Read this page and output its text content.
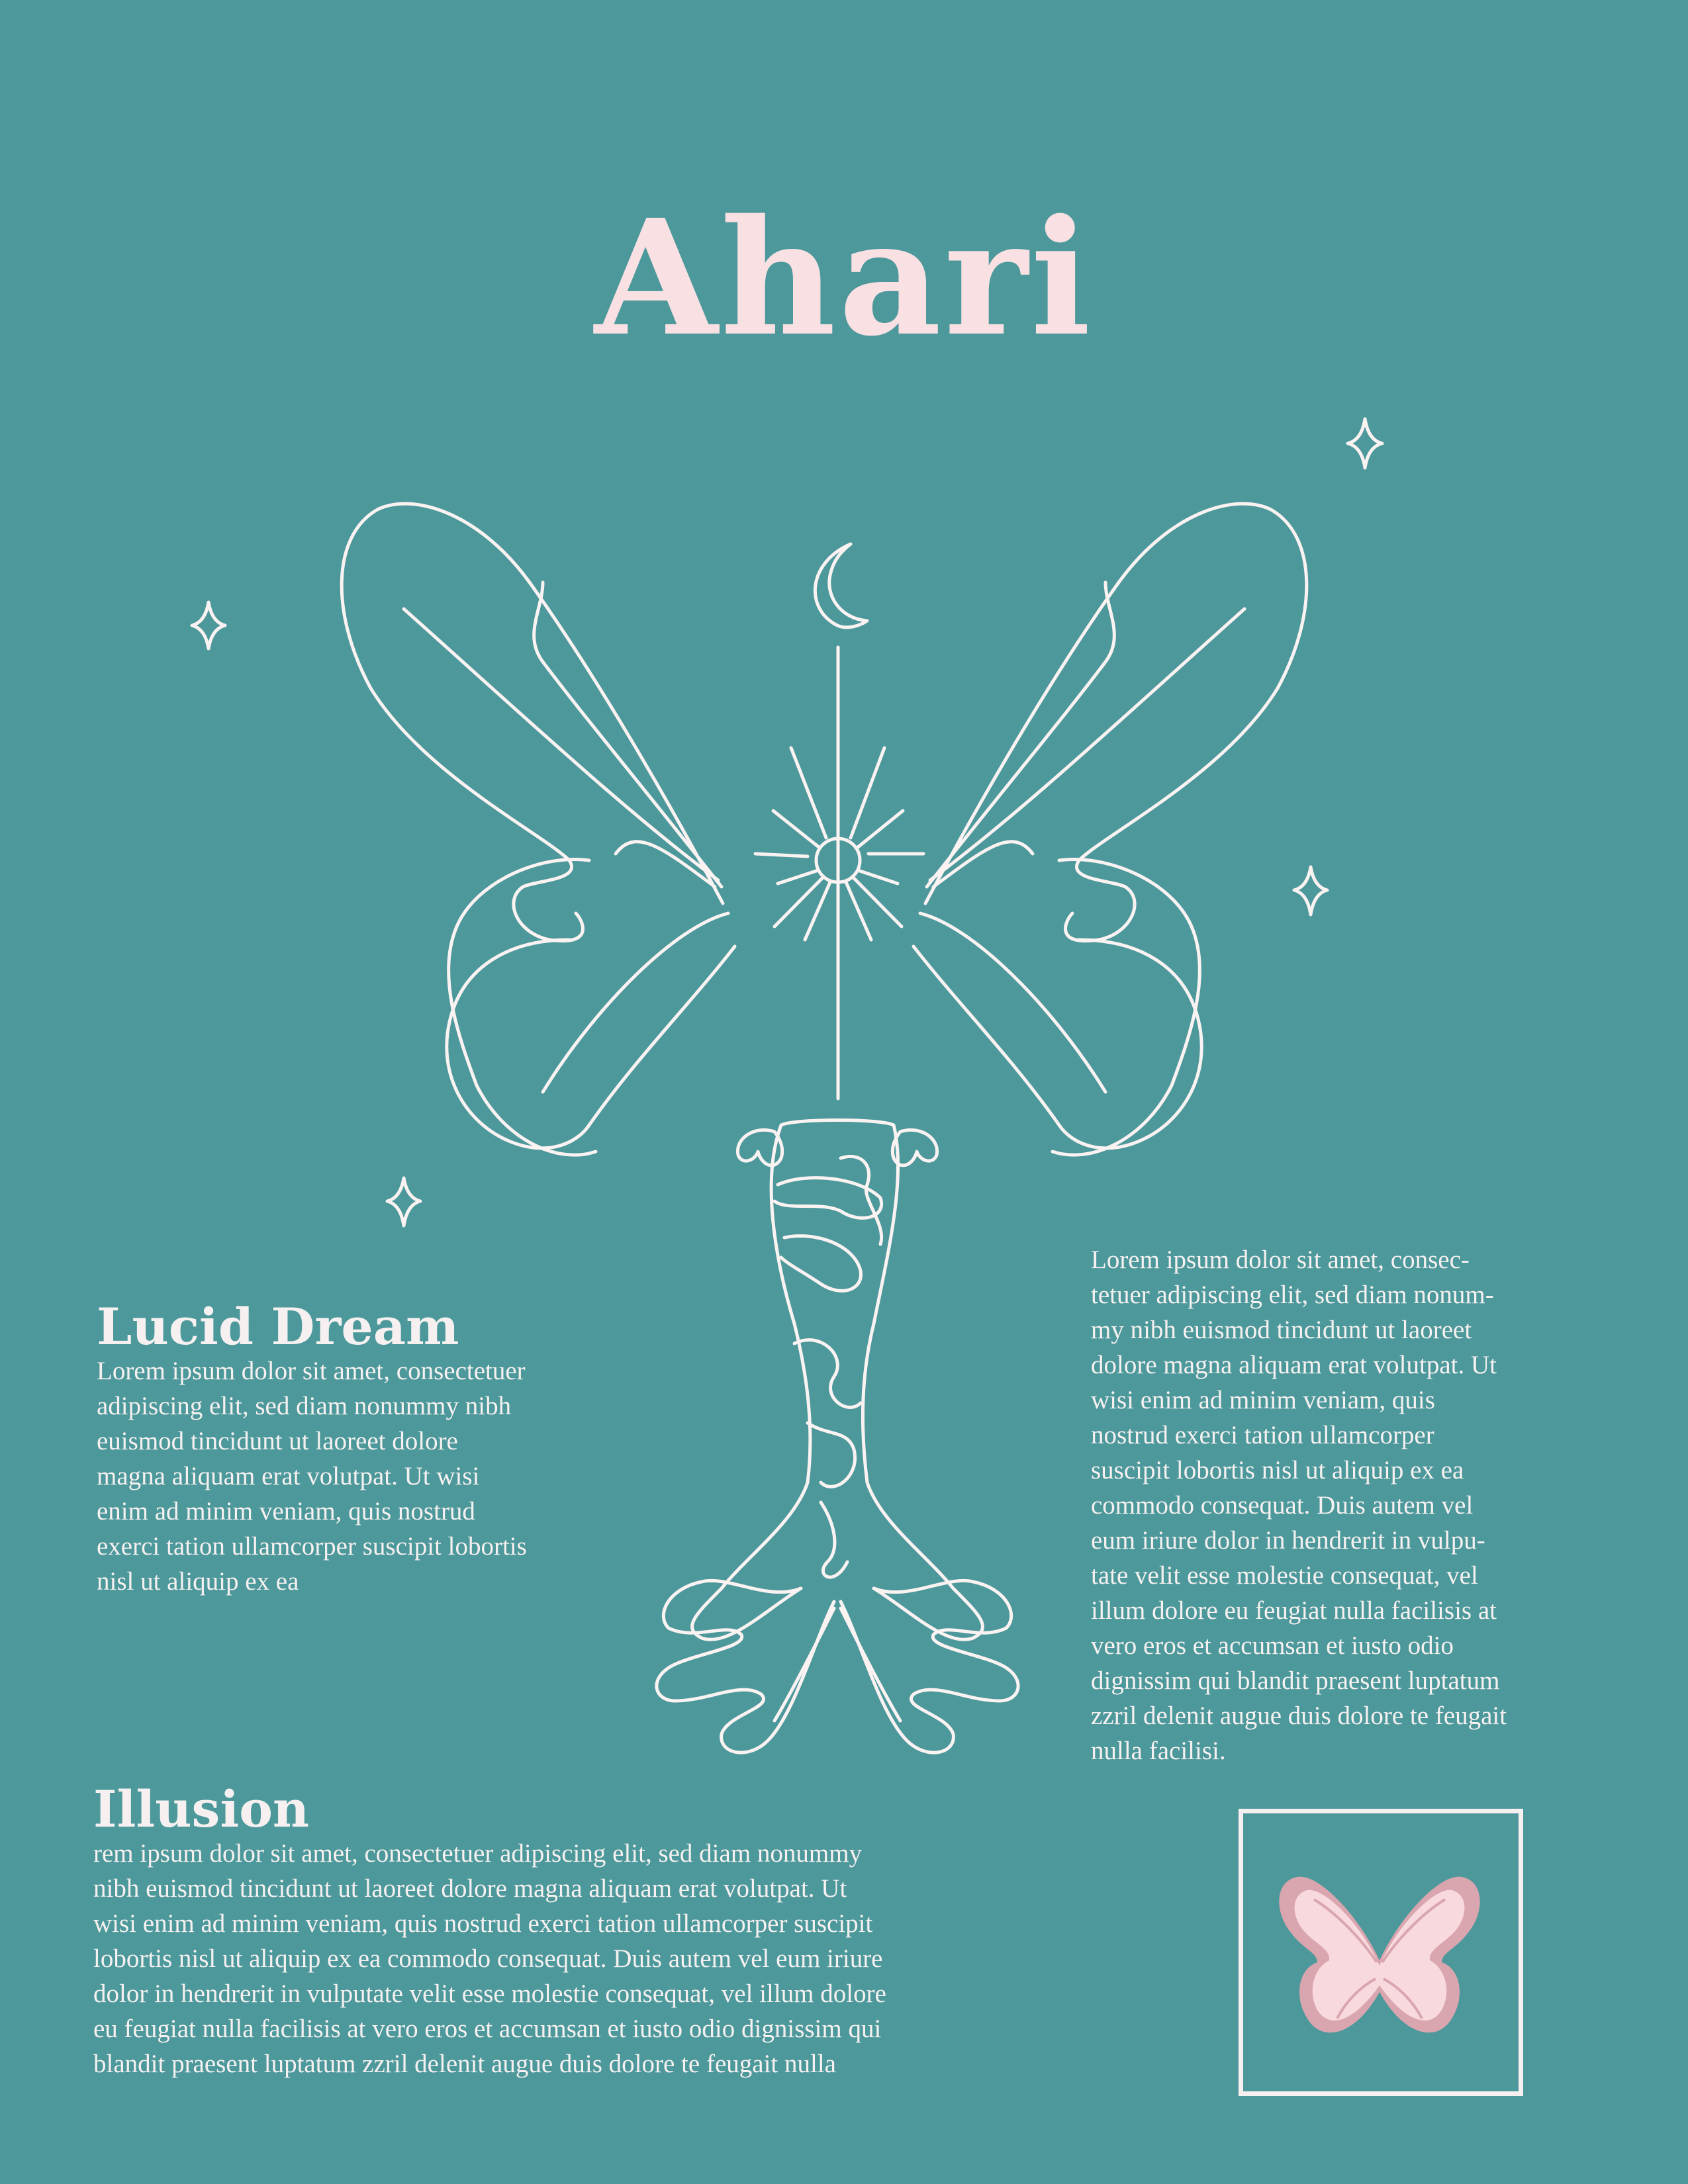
Ahari
Lucid Dream
Lorem ipsum dolor sit amet, consectetuer
adipiscing elit, sed diam nonummy nibh
euismod tincidunt ut laoreet dolore
magna aliquam erat volutpat. Ut wisi
enim ad minim veniam, quis nostrud
exerci tation ullamcorper suscipit lobortis
nisl ut aliquip ex ea
Lorem ipsum dolor sit amet, consec-
tetuer adipiscing elit, sed diam nonum-
my nibh euismod tincidunt ut laoreet
dolore magna aliquam erat volutpat. Ut
wisi enim ad minim veniam, quis
nostrud exerci tation ullamcorper
suscipit lobortis nisl ut aliquip ex ea
commodo consequat. Duis autem vel
eum iriure dolor in hendrerit in vulpu-
tate velit esse molestie consequat, vel
illum dolore eu feugiat nulla facilisis at
vero eros et accumsan et iusto odio
dignissim qui blandit praesent luptatum
zzril delenit augue duis dolore te feugait
nulla facilisi.
Illusion
rem ipsum dolor sit amet, consectetuer adipiscing elit, sed diam nonummy
nibh euismod tincidunt ut laoreet dolore magna aliquam erat volutpat. Ut
wisi enim ad minim veniam, quis nostrud exerci tation ullamcorper suscipit
lobortis nisl ut aliquip ex ea commodo consequat. Duis autem vel eum iriure
dolor in hendrerit in vulputate velit esse molestie consequat, vel illum dolore
eu feugiat nulla facilisis at vero eros et accumsan et iusto odio dignissim qui
blandit praesent luptatum zzril delenit augue duis dolore te feugait nulla
